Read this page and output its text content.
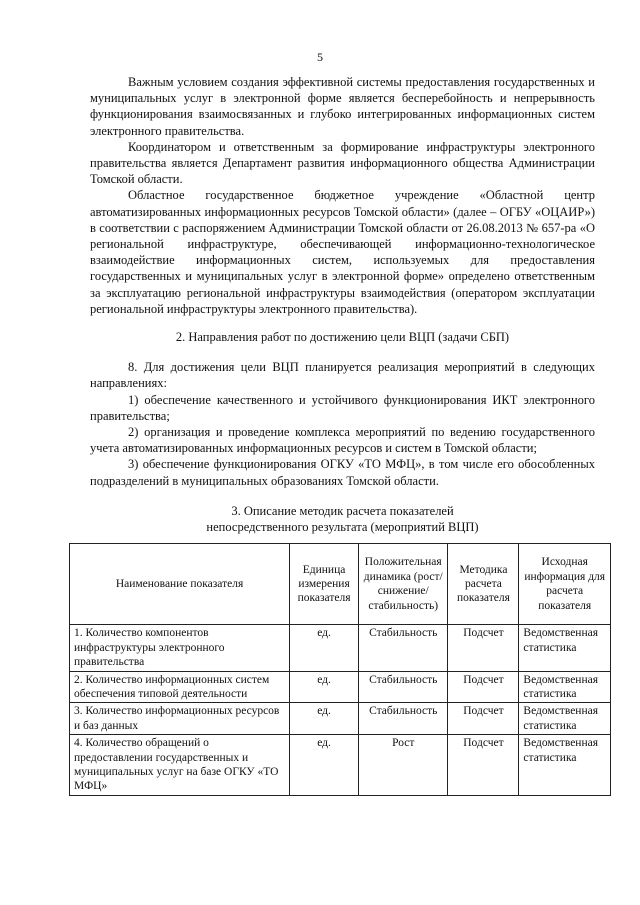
5

Важным условием создания эффективной системы предоставления государственных и муниципальных услуг в электронной форме является бесперебойность и непрерывность функционирования взаимосвязанных и глубоко интегрированных информационных систем электронного правительства.

Координатором и ответственным за формирование инфраструктуры электронного правительства является Департамент развития информационного общества Администрации Томской области.

Областное государственное бюджетное учреждение «Областной центр автоматизированных информационных ресурсов Томской области» (далее – ОГБУ «ОЦАИР») в соответствии с распоряжением Администрации Томской области от 26.08.2013 № 657-ра «О региональной инфраструктуре, обеспечивающей информационно-технологическое взаимодействие информационных систем, используемых для предоставления государственных и муниципальных услуг в электронной форме» определено ответственным за эксплуатацию региональной инфраструктуры взаимодействия (оператором эксплуатации региональной инфраструктуры электронного правительства).

2. Направления работ по достижению цели ВЦП (задачи СБП)

8. Для достижения цели ВЦП планируется реализация мероприятий в следующих направлениях:

1) обеспечение качественного и устойчивого функционирования ИКТ электронного правительства;

2) организация и проведение комплекса мероприятий по ведению государственного учета автоматизированных информационных ресурсов и систем в Томской области;

3) обеспечение функционирования ОГКУ «ТО МФЦ», в том числе его обособленных подразделений в муниципальных образованиях Томской области.

3. Описание методик расчета показателей

непосредственного результата (мероприятий ВЦП)

Наименование показателя	Единица измерения показателя	Положительная динамика (рост/ снижение/ стабильность)	Методика расчета показателя	Исходная информация для расчета показателя
1. Количество компонентов инфраструктуры электронного правительства	ед.	Стабильность	Подсчет	Ведомственная статистика
2. Количество информационных систем обеспечения типовой деятельности	ед.	Стабильность	Подсчет	Ведомственная статистика
3. Количество информационных ресурсов и баз данных	ед.	Стабильность	Подсчет	Ведомственная статистика
4. Количество обращений о предоставлении государственных и муниципальных услуг на базе ОГКУ «ТО МФЦ»	ед.	Рост	Подсчет	Ведомственная статистика
